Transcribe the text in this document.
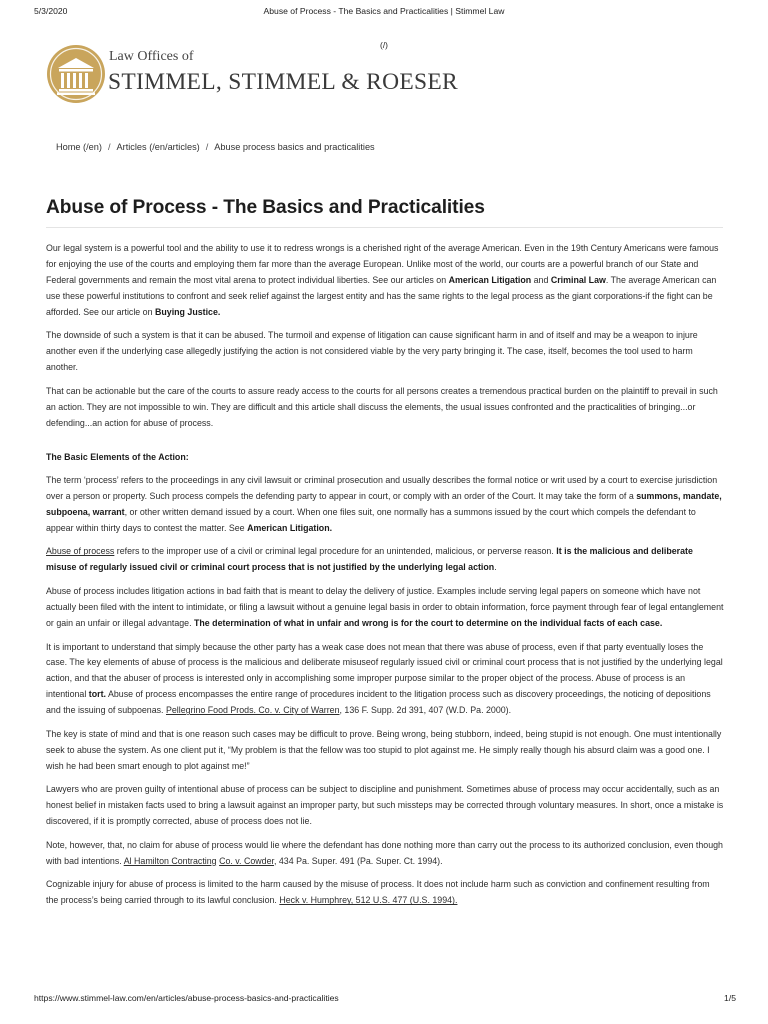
5/3/2020	Abuse of Process - The Basics and Practicalities | Stimmel Law
(/)
Law Offices of
STIMMEL, STIMMEL & ROESER
Home (/en) / Articles (/en/articles) / Abuse process basics and practicalities
Abuse of Process - The Basics and Practicalities

Our legal system is a powerful tool and the ability to use it to redress wrongs is a cherished right of the average American. Even in the 19th Century Americans were famous for enjoying the use of the courts and employing them far more than the average European. Unlike most of the world, our courts are a powerful branch of our State and Federal governments and remain the most vital arena to protect individual liberties. See our articles on American Litigation and Criminal Law. The average American can use these powerful institutions to confront and seek relief against the largest entity and has the same rights to the legal process as the giant corporations-if the fight can be afforded. See our article on Buying Justice.

The downside of such a system is that it can be abused. The turmoil and expense of litigation can cause significant harm in and of itself and may be a weapon to injure another even if the underlying case allegedly justifying the action is not considered viable by the very party bringing it. The case, itself, becomes the tool used to harm another.

That can be actionable but the care of the courts to assure ready access to the courts for all persons creates a tremendous practical burden on the plaintiff to prevail in such an action. They are not impossible to win. They are difficult and this article shall discuss the elements, the usual issues confronted and the practicalities of bringing...or defending...an action for abuse of process.

The Basic Elements of the Action:

The term ‘process’ refers to the proceedings in any civil lawsuit or criminal prosecution and usually describes the formal notice or writ used by a court to exercise jurisdiction over a person or property. Such process compels the defending party to appear in court, or comply with an order of the Court. It may take the form of a summons, mandate, subpoena, warrant, or other written demand issued by a court. When one files suit, one normally has a summons issued by the court which compels the defendant to appear within thirty days to contest the matter. See American Litigation.

Abuse of process refers to the improper use of a civil or criminal legal procedure for an unintended, malicious, or perverse reason. It is the malicious and deliberate misuse of regularly issued civil or criminal court process that is not justified by the underlying legal action.

Abuse of process includes litigation actions in bad faith that is meant to delay the delivery of justice. Examples include serving legal papers on someone which have not actually been filed with the intent to intimidate, or filing a lawsuit without a genuine legal basis in order to obtain information, force payment through fear of legal entanglement or gain an unfair or illegal advantage. The determination of what in unfair and wrong is for the court to determine on the individual facts of each case.

It is important to understand that simply because the other party has a weak case does not mean that there was abuse of process, even if that party eventually loses the case. The key elements of abuse of process is the malicious and deliberate misuseof regularly issued civil or criminal court process that is not justified by the underlying legal action, and that the abuser of process is interested only in accomplishing some improper purpose similar to the proper object of the process. Abuse of process is an intentional tort. Abuse of process encompasses the entire range of procedures incident to the litigation process such as discovery proceedings, the noticing of depositions and the issuing of subpoenas. Pellegrino Food Prods. Co. v. City of Warren, 136 F. Supp. 2d 391, 407 (W.D. Pa. 2000).

The key is state of mind and that is one reason such cases may be difficult to prove. Being wrong, being stubborn, indeed, being stupid is not enough. One must intentionally seek to abuse the system. As one client put it, “My problem is that the fellow was too stupid to plot against me. He simply really though his absurd claim was a good one. I wish he had been smart enough to plot against me!”

Lawyers who are proven guilty of intentional abuse of process can be subject to discipline and punishment. Sometimes abuse of process may occur accidentally, such as an honest belief in mistaken facts used to bring a lawsuit against an improper party, but such missteps may be corrected through voluntary measures. In short, once a mistake is discovered, if it is promptly corrected, abuse of process does not lie.

Note, however, that, no claim for abuse of process would lie where the defendant has done nothing more than carry out the process to its authorized conclusion, even though with bad intentions. Al Hamilton Contracting Co. v. Cowder, 434 Pa. Super. 491 (Pa. Super. Ct. 1994).

Cognizable injury for abuse of process is limited to the harm caused by the misuse of process. It does not include harm such as conviction and confinement resulting from the process’s being carried through to its lawful conclusion. Heck v. Humphrey, 512 U.S. 477 (U.S. 1994).

https://www.stimmel-law.com/en/articles/abuse-process-basics-and-practicalities	1/5
